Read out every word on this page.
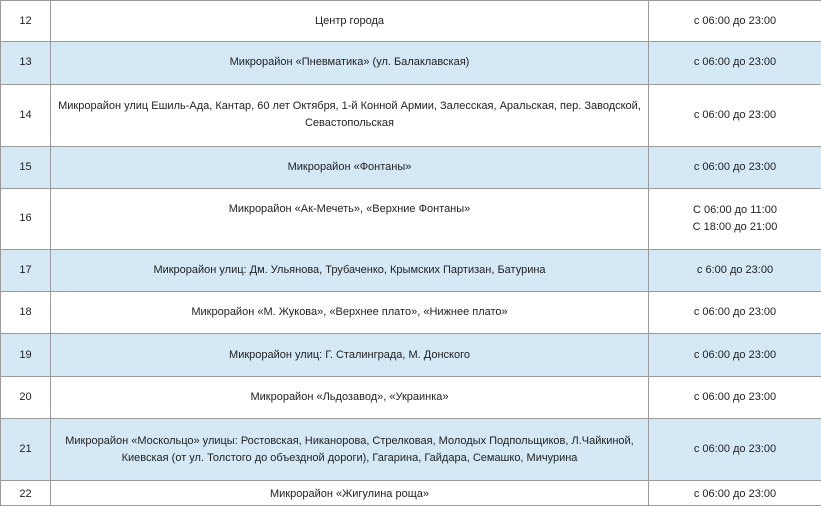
12	Центр города	с 06:00 до 23:00

13	Микрорайон «Пневматика» (ул. Балаклавская)	с 06:00 до 23:00

14	Микрорайон улиц Ешиль-Ада, Кантар, 60 лет Октября, 1-й Конной Армии, Залесская, Аральская, пер. Заводской,
Севастопольская	с 06:00 до 23:00

15	Микрорайон «Фонтаны»	с 06:00 до 23:00

16	Микрорайон «Ак-Мечеть», «Верхние Фонтаны»	С 06:00 до 11:00
С 18:00 до 21:00

17	Микрорайон улиц: Дм. Ульянова, Трубаченко, Крымских Партизан, Батурина	с 6:00 до 23:00

18	Микрорайон «М. Жукова», «Верхнее плато», «Нижнее плато»	с 06:00 до 23:00

19	Микрорайон улиц: Г. Сталинграда, М. Донского	с 06:00 до 23:00

20	Микрорайон «Льдозавод», «Украинка»	с 06:00 до 23:00

21	Микрорайон «Москольцо» улицы: Ростовская, Никанорова, Стрелковая, Молодых Подпольщиков, Л.Чайкиной,
Киевская (от ул. Толстого до объездной дороги), Гагарина, Гайдара, Семашко, Мичурина	с 06:00 до 23:00

22	Микрорайон «Жигулина роща»	с 06:00 до 23:00
